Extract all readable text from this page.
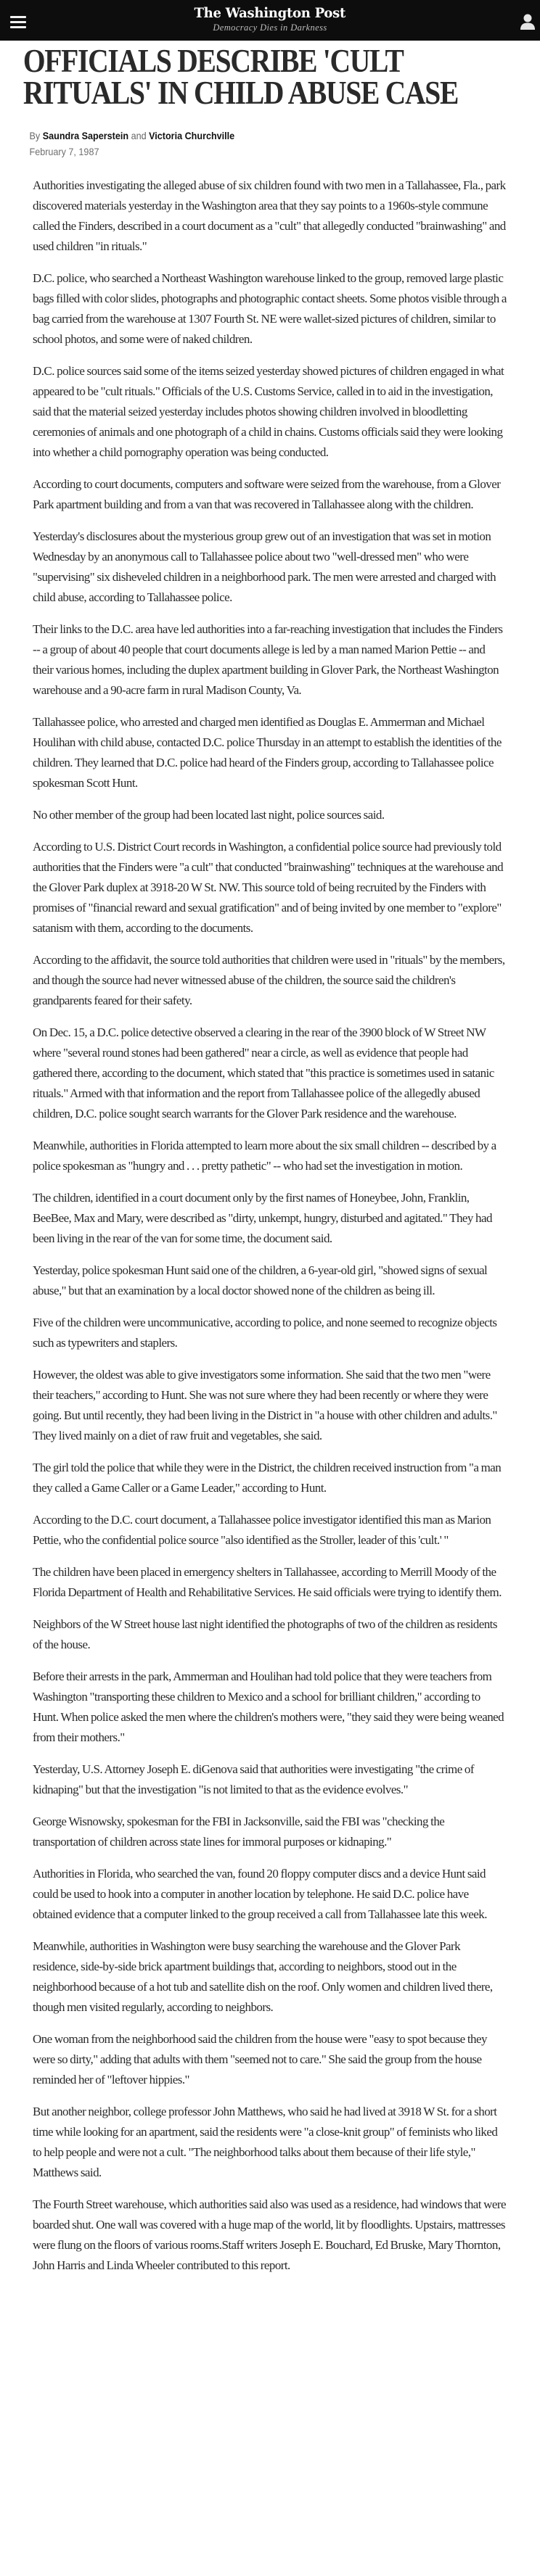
The Washington Post
Democracy Dies in Darkness
OFFICIALS DESCRIBE 'CULT RITUALS' IN CHILD ABUSE CASE
By Saundra Saperstein and Victoria Churchville
February 7, 1987

Authorities investigating the alleged abuse of six children found with two men in a Tallahassee, Fla., park discovered materials yesterday in the Washington area that they say points to a 1960s-style commune called the Finders, described in a court document as a "cult" that allegedly conducted "brainwashing" and used children "in rituals."

D.C. police, who searched a Northeast Washington warehouse linked to the group, removed large plastic bags filled with color slides, photographs and photographic contact sheets. Some photos visible through a bag carried from the warehouse at 1307 Fourth St. NE were wallet-sized pictures of children, similar to school photos, and some were of naked children.

D.C. police sources said some of the items seized yesterday showed pictures of children engaged in what appeared to be "cult rituals." Officials of the U.S. Customs Service, called in to aid in the investigation, said that the material seized yesterday includes photos showing children involved in bloodletting ceremonies of animals and one photograph of a child in chains. Customs officials said they were looking into whether a child pornography operation was being conducted.

According to court documents, computers and software were seized from the warehouse, from a Glover Park apartment building and from a van that was recovered in Tallahassee along with the children.

Yesterday's disclosures about the mysterious group grew out of an investigation that was set in motion Wednesday by an anonymous call to Tallahassee police about two "well-dressed men" who were "supervising" six disheveled children in a neighborhood park. The men were arrested and charged with child abuse, according to Tallahassee police.

Their links to the D.C. area have led authorities into a far-reaching investigation that includes the Finders -- a group of about 40 people that court documents allege is led by a man named Marion Pettie -- and their various homes, including the duplex apartment building in Glover Park, the Northeast Washington warehouse and a 90-acre farm in rural Madison County, Va.

Tallahassee police, who arrested and charged men identified as Douglas E. Ammerman and Michael Houlihan with child abuse, contacted D.C. police Thursday in an attempt to establish the identities of the children. They learned that D.C. police had heard of the Finders group, according to Tallahassee police spokesman Scott Hunt.

No other member of the group had been located last night, police sources said.

According to U.S. District Court records in Washington, a confidential police source had previously told authorities that the Finders were "a cult" that conducted "brainwashing" techniques at the warehouse and the Glover Park duplex at 3918-20 W St. NW. This source told of being recruited by the Finders with promises of "financial reward and sexual gratification" and of being invited by one member to "explore" satanism with them, according to the documents.

According to the affidavit, the source told authorities that children were used in "rituals" by the members, and though the source had never witnessed abuse of the children, the source said the children's grandparents feared for their safety.

On Dec. 15, a D.C. police detective observed a clearing in the rear of the 3900 block of W Street NW where "several round stones had been gathered" near a circle, as well as evidence that people had gathered there, according to the document, which stated that "this practice is sometimes used in satanic rituals." Armed with that information and the report from Tallahassee police of the allegedly abused children, D.C. police sought search warrants for the Glover Park residence and the warehouse.

Meanwhile, authorities in Florida attempted to learn more about the six small children -- described by a police spokesman as "hungry and . . . pretty pathetic" -- who had set the investigation in motion.

The children, identified in a court document only by the first names of Honeybee, John, Franklin, BeeBee, Max and Mary, were described as "dirty, unkempt, hungry, disturbed and agitated." They had been living in the rear of the van for some time, the document said.

Yesterday, police spokesman Hunt said one of the children, a 6-year-old girl, "showed signs of sexual abuse," but that an examination by a local doctor showed none of the children as being ill.

Five of the children were uncommunicative, according to police, and none seemed to recognize objects such as typewriters and staplers.

However, the oldest was able to give investigators some information. She said that the two men "were their teachers," according to Hunt. She was not sure where they had been recently or where they were going. But until recently, they had been living in the District in "a house with other children and adults." They lived mainly on a diet of raw fruit and vegetables, she said.

The girl told the police that while they were in the District, the children received instruction from "a man they called a Game Caller or a Game Leader," according to Hunt.

According to the D.C. court document, a Tallahassee police investigator identified this man as Marion Pettie, who the confidential police source "also identified as the Stroller, leader of this 'cult.' "

The children have been placed in emergency shelters in Tallahassee, according to Merrill Moody of the Florida Department of Health and Rehabilitative Services. He said officials were trying to identify them.

Neighbors of the W Street house last night identified the photographs of two of the children as residents of the house.

Before their arrests in the park, Ammerman and Houlihan had told police that they were teachers from Washington "transporting these children to Mexico and a school for brilliant children," according to Hunt. When police asked the men where the children's mothers were, "they said they were being weaned from their mothers."

Yesterday, U.S. Attorney Joseph E. diGenova said that authorities were investigating "the crime of kidnaping" but that the investigation "is not limited to that as the evidence evolves."

George Wisnowsky, spokesman for the FBI in Jacksonville, said the FBI was "checking the transportation of children across state lines for immoral purposes or kidnaping."

Authorities in Florida, who searched the van, found 20 floppy computer discs and a device Hunt said could be used to hook into a computer in another location by telephone. He said D.C. police have obtained evidence that a computer linked to the group received a call from Tallahassee late this week.

Meanwhile, authorities in Washington were busy searching the warehouse and the Glover Park residence, side-by-side brick apartment buildings that, according to neighbors, stood out in the neighborhood because of a hot tub and satellite dish on the roof. Only women and children lived there, though men visited regularly, according to neighbors.

One woman from the neighborhood said the children from the house were "easy to spot because they were so dirty," adding that adults with them "seemed not to care." She said the group from the house reminded her of "leftover hippies."

But another neighbor, college professor John Matthews, who said he had lived at 3918 W St. for a short time while looking for an apartment, said the residents were "a close-knit group" of feminists who liked to help people and were not a cult. "The neighborhood talks about them because of their life style," Matthews said.

The Fourth Street warehouse, which authorities said also was used as a residence, had windows that were boarded shut. One wall was covered with a huge map of the world, lit by floodlights. Upstairs, mattresses were flung on the floors of various rooms.Staff writers Joseph E. Bouchard, Ed Bruske, Mary Thornton, John Harris and Linda Wheeler contributed to this report.
